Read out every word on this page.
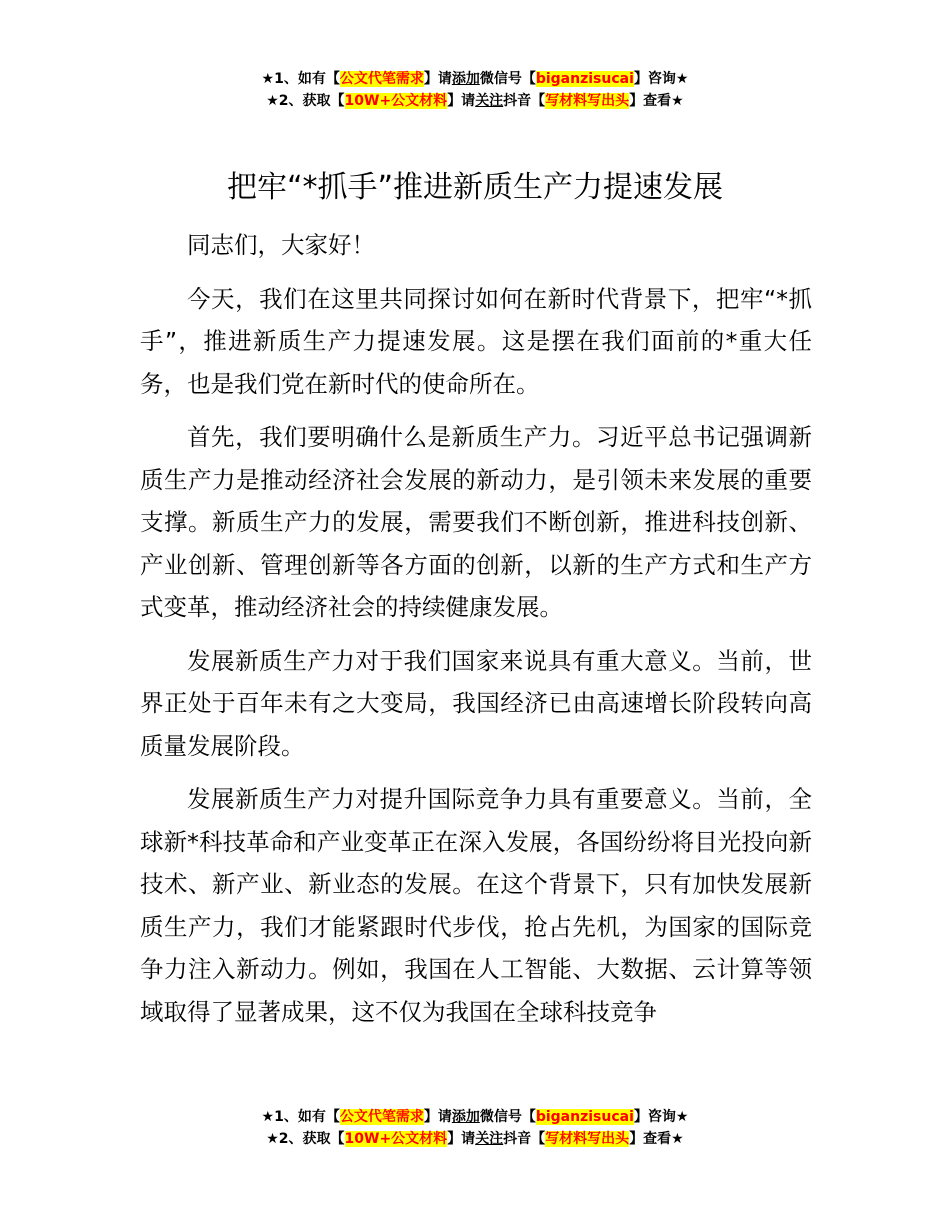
★1、如有【公文代笔需求】请添加微信号【biganzisucai】咨询★
★2、获取【10W+公文材料】请关注抖音【写材料写出头】查看★
把牢“*抓手”推进新质生产力提速发展

同志们，大家好！

今天，我们在这里共同探讨如何在新时代背景下，把牢“*抓手”，推进新质生产力提速发展。这是摆在我们面前的*重大任务，也是我们党在新时代的使命所在。

首先，我们要明确什么是新质生产力。习近平总书记强调新质生产力是推动经济社会发展的新动力，是引领未来发展的重要支撑。新质生产力的发展，需要我们不断创新，推进科技创新、产业创新、管理创新等各方面的创新，以新的生产方式和生产方式变革，推动经济社会的持续健康发展。

发展新质生产力对于我们国家来说具有重大意义。当前，世界正处于百年未有之大变局，我国经济已由高速增长阶段转向高质量发展阶段。

发展新质生产力对提升国际竞争力具有重要意义。当前，全球新*科技革命和产业变革正在深入发展，各国纷纷将目光投向新技术、新产业、新业态的发展。在这个背景下，只有加快发展新质生产力，我们才能紧跟时代步伐，抢占先机，为国家的国际竞争力注入新动力。例如，我国在人工智能、大数据、云计算等领域取得了显著成果，这不仅为我国在全球科技竞争

★1、如有【公文代笔需求】请添加微信号【biganzisucai】咨询★
★2、获取【10W+公文材料】请关注抖音【写材料写出头】查看★
